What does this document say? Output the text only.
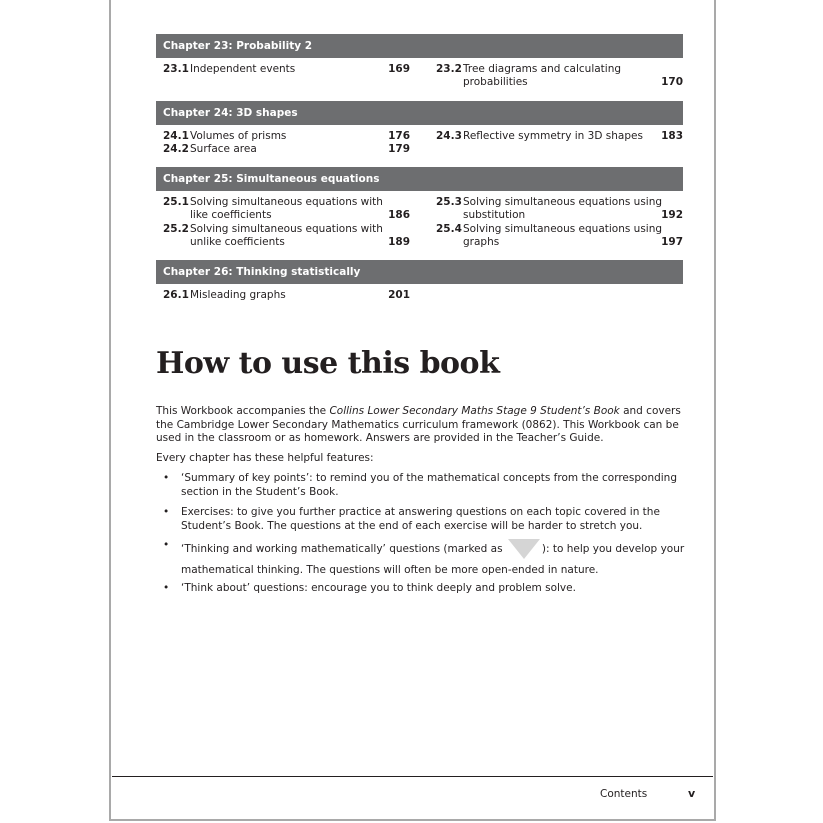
Chapter 23: Probability 2
23.1 Independent events	169 23.2 Tree diagrams and calculating probabilities	170
Chapter 24: 3D shapes
24.1 Volumes of prisms	176
24.2 Surface area	179
24.3 Reflective symmetry in 3D shapes	183
Chapter 25: Simultaneous equations
25.1 Solving simultaneous equations with like coefficients	186
25.2 Solving simultaneous equations with unlike coefficients	189
25.3 Solving simultaneous equations using substitution	192
25.4 Solving simultaneous equations using graphs	197
Chapter 26: Thinking statistically
26.1 Misleading graphs	201
How to use this book

This Workbook accompanies the Collins Lower Secondary Maths Stage 9 Student’s Book and covers the Cambridge Lower Secondary Mathematics curriculum framework (0862). This Workbook can be used in the classroom or as homework. Answers are provided in the Teacher’s Guide.

Every chapter has these helpful features:

• ‘Summary of key points’: to remind you of the mathematical concepts from the corresponding section in the Student’s Book.
• Exercises: to give you further practice at answering questions on each topic covered in the Student’s Book. The questions at the end of each exercise will be harder to stretch you.
• ‘Thinking and working mathematically’ questions (marked as	): to help you develop your mathematical thinking. The questions will often be more open-ended in nature.
• ‘Think about’ questions: encourage you to think deeply and problem solve.
Contents	v
